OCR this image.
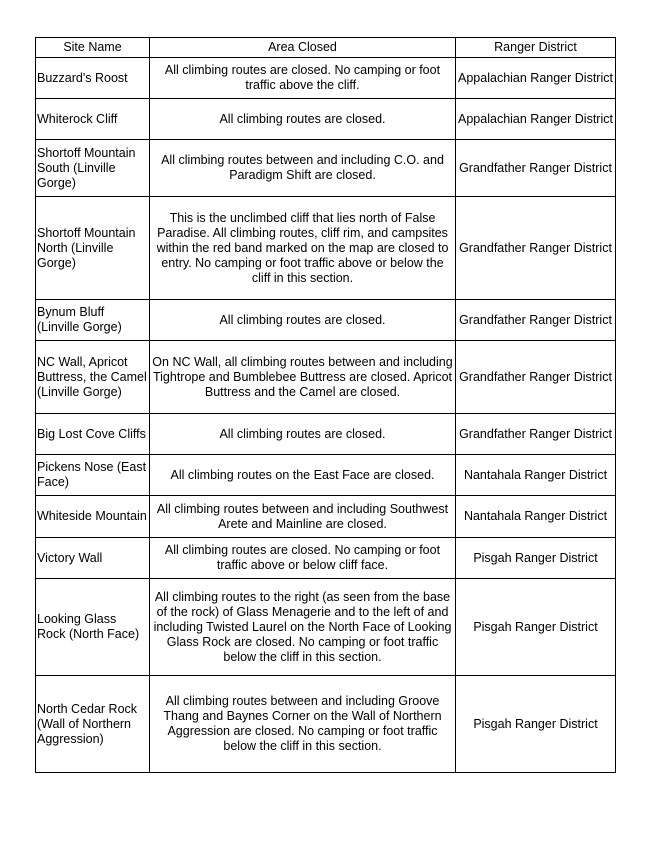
Site Name	Area Closed	Ranger District
Buzzard's Roost	All climbing routes are closed. No camping or foot traffic above the cliff.	Appalachian Ranger District
Whiterock Cliff	All climbing routes are closed.	Appalachian Ranger District
Shortoff Mountain South (Linville Gorge)	All climbing routes between and including C.O. and Paradigm Shift are closed.	Grandfather Ranger District
Shortoff Mountain North (Linville Gorge)	This is the unclimbed cliff that lies north of False Paradise. All climbing routes, cliff rim, and campsites within the red band marked on the map are closed to entry. No camping or foot traffic above or below the cliff in this section.	Grandfather Ranger District
Bynum Bluff (Linville Gorge)	All climbing routes are closed.	Grandfather Ranger District
NC Wall, Apricot Buttress, the Camel (Linville Gorge)	On NC Wall, all climbing routes between and including Tightrope and Bumblebee Buttress are closed. Apricot Buttress and the Camel are closed.	Grandfather Ranger District
Big Lost Cove Cliffs	All climbing routes are closed.	Grandfather Ranger District
Pickens Nose (East Face)	All climbing routes on the East Face are closed.	Nantahala Ranger District
Whiteside Mountain	All climbing routes between and including Southwest Arete and Mainline are closed.	Nantahala Ranger District
Victory Wall	All climbing routes are closed. No camping or foot traffic above or below cliff face.	Pisgah Ranger District
Looking Glass Rock (North Face)	All climbing routes to the right (as seen from the base of the rock) of Glass Menagerie and to the left of and including Twisted Laurel on the North Face of Looking Glass Rock are closed. No camping or foot traffic below the cliff in this section.	Pisgah Ranger District
North Cedar Rock (Wall of Northern Aggression)	All climbing routes between and including Groove Thang and Baynes Corner on the Wall of Northern Aggression are closed. No camping or foot traffic below the cliff in this section.	Pisgah Ranger District
